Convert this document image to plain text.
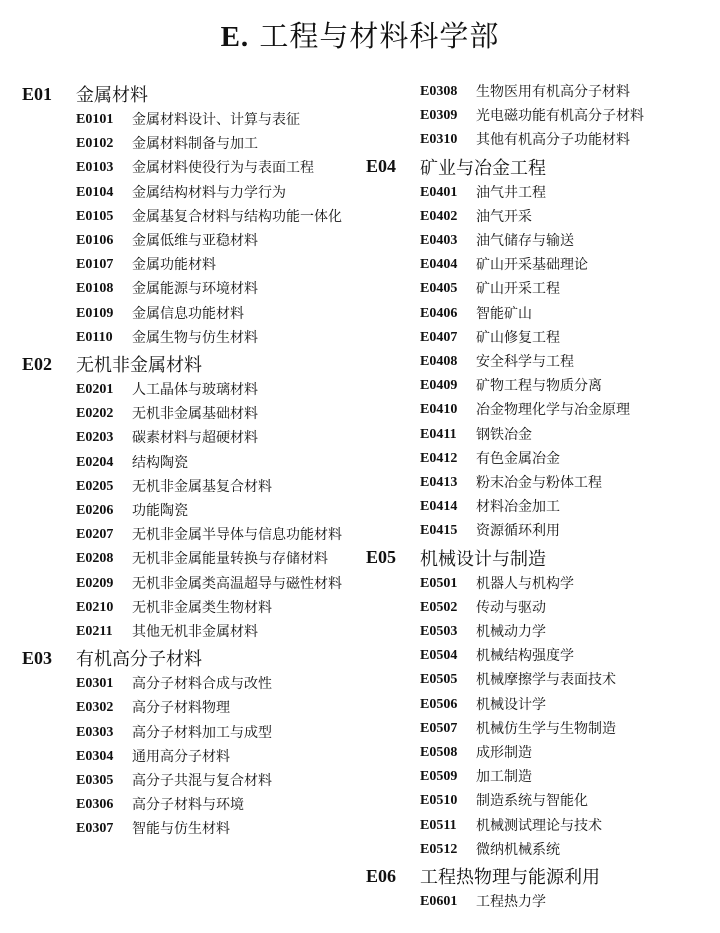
E. 工程与材料科学部
E01	金属材料
E0101	金属材料设计、计算与表征
E0102	金属材料制备与加工
E0103	金属材料使役行为与表面工程
E0104	金属结构材料与力学行为
E0105	金属基复合材料与结构功能一体化
E0106	金属低维与亚稳材料
E0107	金属功能材料
E0108	金属能源与环境材料
E0109	金属信息功能材料
E0110	金属生物与仿生材料
E02	无机非金属材料
E0201	人工晶体与玻璃材料
E0202	无机非金属基础材料
E0203	碳素材料与超硬材料
E0204	结构陶瓷
E0205	无机非金属基复合材料
E0206	功能陶瓷
E0207	无机非金属半导体与信息功能材料
E0208	无机非金属能量转换与存储材料
E0209	无机非金属类高温超导与磁性材料
E0210	无机非金属类生物材料
E0211	其他无机非金属材料
E03	有机高分子材料
E0301	高分子材料合成与改性
E0302	高分子材料物理
E0303	高分子材料加工与成型
E0304	通用高分子材料
E0305	高分子共混与复合材料
E0306	高分子材料与环境
E0307	智能与仿生材料
E0308	生物医用有机高分子材料
E0309	光电磁功能有机高分子材料
E0310	其他有机高分子功能材料
E04	矿业与冶金工程
E0401	油气井工程
E0402	油气开采
E0403	油气储存与输送
E0404	矿山开采基础理论
E0405	矿山开采工程
E0406	智能矿山
E0407	矿山修复工程
E0408	安全科学与工程
E0409	矿物工程与物质分离
E0410	冶金物理化学与冶金原理
E0411	钢铁冶金
E0412	有色金属冶金
E0413	粉末冶金与粉体工程
E0414	材料冶金加工
E0415	资源循环利用
E05	机械设计与制造
E0501	机器人与机构学
E0502	传动与驱动
E0503	机械动力学
E0504	机械结构强度学
E0505	机械摩擦学与表面技术
E0506	机械设计学
E0507	机械仿生学与生物制造
E0508	成形制造
E0509	加工制造
E0510	制造系统与智能化
E0511	机械测试理论与技术
E0512	微纳机械系统
E06	工程热物理与能源利用
E0601	工程热力学
